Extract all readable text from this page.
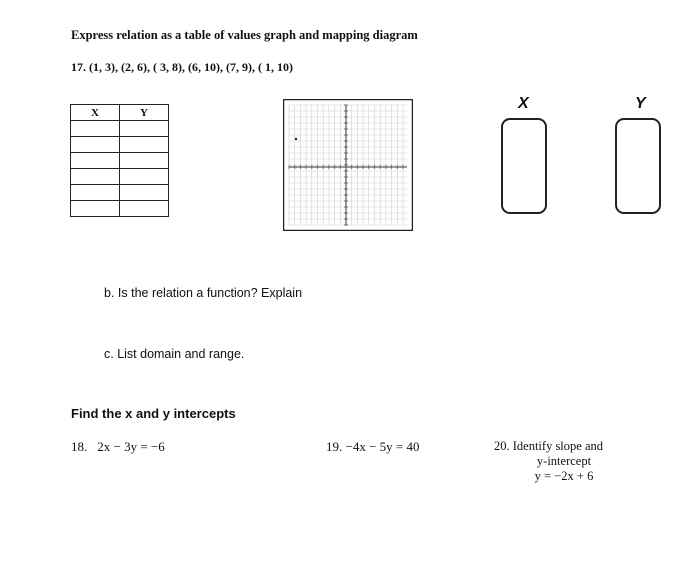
Express relation as a table of values graph and mapping diagram
17. (1, 3), (2, 6), ( 3, 8), (6, 10), (7, 9), ( 1, 10)
X	Y

X	Y
b. Is the relation a function? Explain
c. List domain and range.
Find the x and y intercepts
18. 2x − 3y = −6	19. −4x − 5y = 40	20. Identify slope and
y-intercept
y = −2x + 6
